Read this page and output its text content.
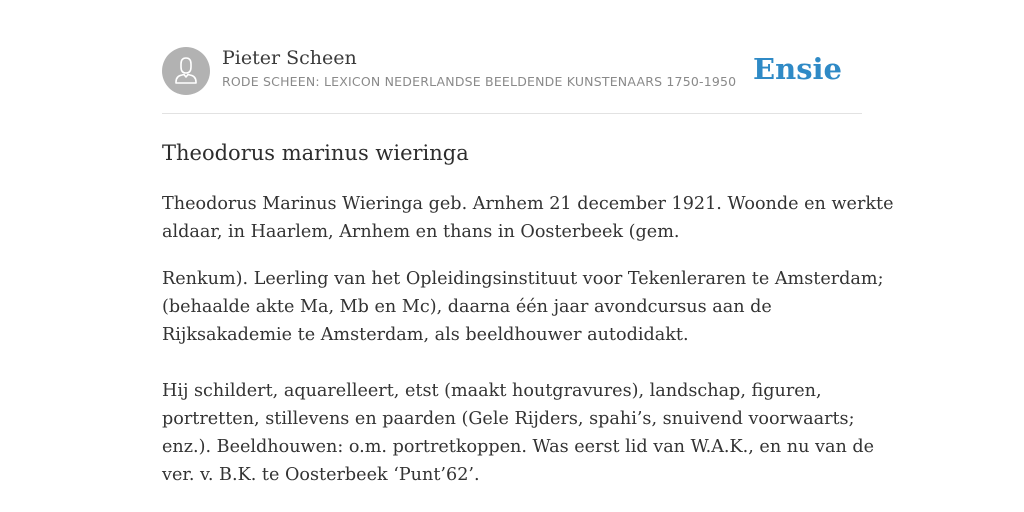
Pieter Scheen
RODE SCHEEN: LEXICON NEDERLANDSE BEELDENDE KUNSTENAARS 1750-1950 Ensie
Theodorus marinus wieringa

Theodorus Marinus Wieringa geb. Arnhem 21 december 1921. Woonde en werkte
aldaar, in Haarlem, Arnhem en thans in Oosterbeek (gem.

Renkum). Leerling van het Opleidingsinstituut voor Tekenleraren te Amsterdam;
(behaalde akte Ma, Mb en Mc), daarna één jaar avondcursus aan de
Rijksakademie te Amsterdam, als beeldhouwer autodidakt.

Hij schildert, aquarelleert, etst (maakt houtgravures), landschap, figuren,
portretten, stillevens en paarden (Gele Rijders, spahi’s, snuivend voorwaarts;
enz.). Beeldhouwen: o.m. portretkoppen. Was eerst lid van W.A.K., en nu van de
ver. v. B.K. te Oosterbeek ‘Punt’62’.
